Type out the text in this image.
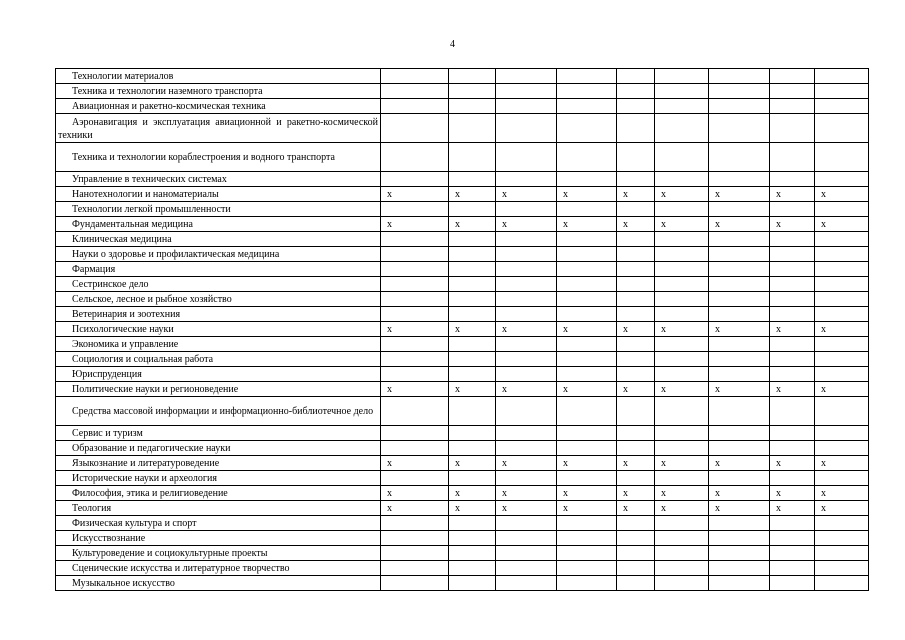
4
Технологии материалов									

Техника и технологии наземного транспорта									

Авиационная и ракетно-космическая техника									

Аэронавигация и эксплуатация авиационной и ракетно-космической техники									

Техника и технологии кораблестроения и водного транспорта									

Управление в технических системах									

Нанотехнологии и наноматериалы	x	x	x	x	x	x	x	x	x

Технологии легкой промышленности									

Фундаментальная медицина	x	x	x	x	x	x	x	x	x

Клиническая медицина									

Науки о здоровье и профилактическая медицина									

Фармация									

Сестринское дело									

Сельское, лесное и рыбное хозяйство									

Ветеринария и зоотехния									

Психологические науки	x	x	x	x	x	x	x	x	x

Экономика и управление									

Социология и социальная работа									

Юриспруденция									

Политические науки и регионоведение	x	x	x	x	x	x	x	x	x

Средства массовой информации и информационно-библиотечное дело									

Сервис и туризм									

Образование и педагогические науки									

Языкознание и литературоведение	x	x	x	x	x	x	x	x	x

Исторические науки и археология									

Философия, этика и религиоведение	x	x	x	x	x	x	x	x	x

Теология	x	x	x	x	x	x	x	x	x

Физическая культура и спорт									

Искусствознание									

Культуроведение и социокультурные проекты									

Сценические искусства и литературное творчество									

Музыкальное искусство									
